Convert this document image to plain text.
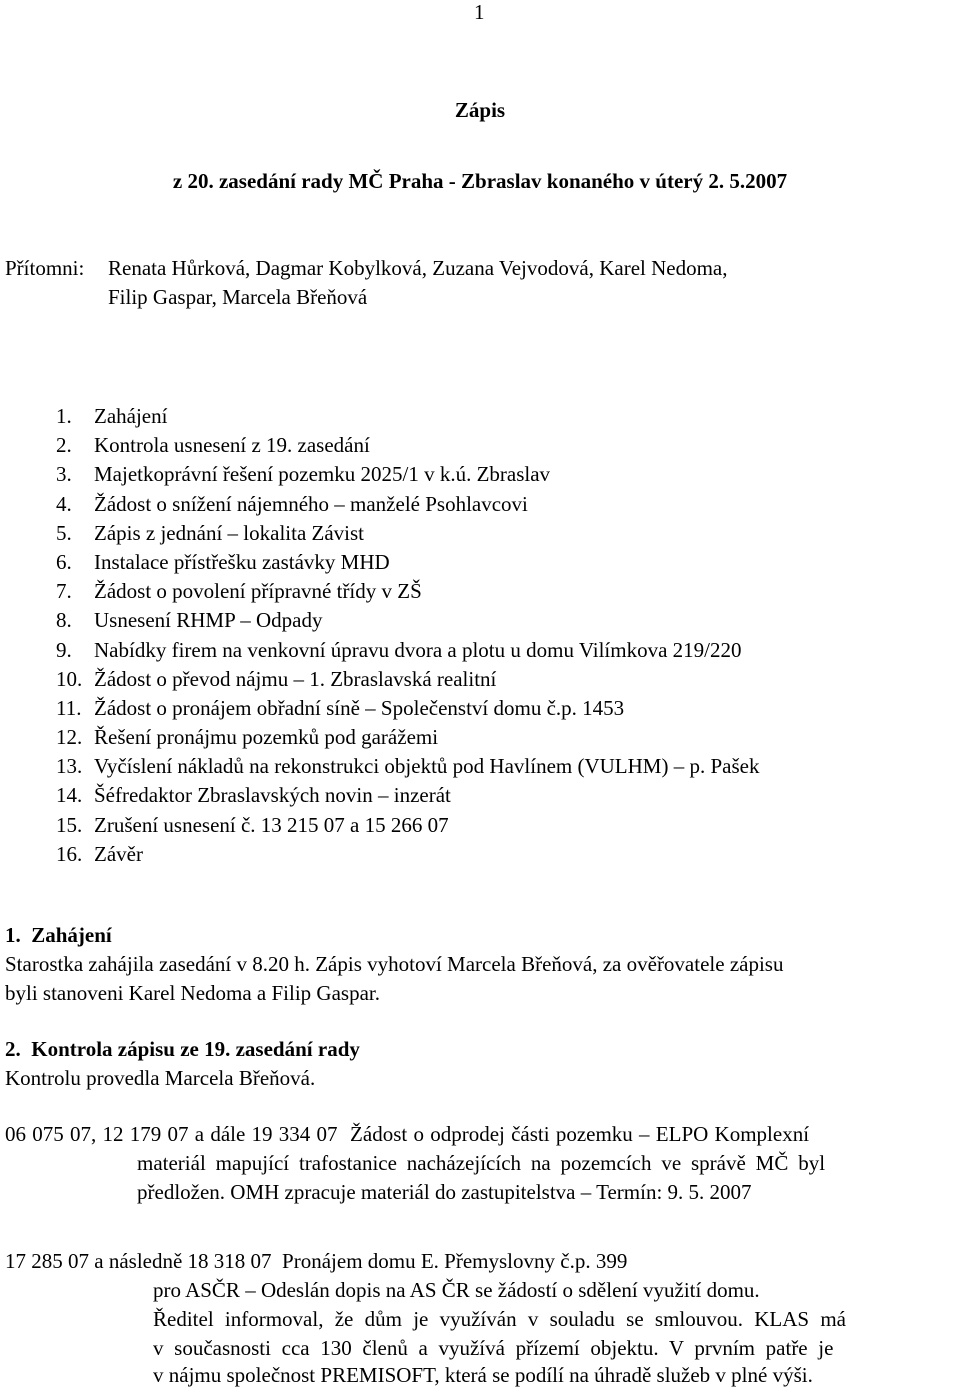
1
Zápis
z 20. zasedání rady MČ Praha - Zbraslav konaného v úterý 2. 5.2007
Přítomni: Renata Hůrková, Dagmar Kobylková, Zuzana Vejvodová, Karel Nedoma,
Filip Gaspar, Marcela Břeňová
1.	Zahájení
2.	Kontrola usnesení z 19. zasedání
3.	Majetkoprávní řešení pozemku 2025/1 v k.ú. Zbraslav
4.	Žádost o snížení nájemného – manželé Psohlavcovi
5.	Zápis z jednání – lokalita Závist
6.	Instalace přístřešku zastávky MHD
7.	Žádost o povolení přípravné třídy v ZŠ
8.	Usnesení RHMP – Odpady
9.	Nabídky firem na venkovní úpravu dvora a plotu u domu Vilímkova 219/220
10. Žádost o převod nájmu – 1. Zbraslavská realitní
11. Žádost o pronájem obřadní síně – Společenství domu č.p. 1453
12. Řešení pronájmu pozemků pod garážemi
13. Vyčíslení nákladů na rekonstrukci objektů pod Havlínem (VULHM) – p. Pašek
14. Šéfredaktor Zbraslavských novin – inzerát
15. Zrušení usnesení č. 13 215 07 a 15 266 07
16. Závěr
1.  Zahájení
Starostka zahájila zasedání v 8.20 h. Zápis vyhotoví Marcela Břeňová, za ověřovatele zápisu
byli stanoveni Karel Nedoma a Filip Gaspar.
2.  Kontrola zápisu ze 19. zasedání rady
Kontrolu provedla Marcela Břeňová.
06 075 07, 12 179 07 a dále 19 334 07  Žádost o odprodej části pozemku – ELPO Komplexní
materiál mapující trafostanice nacházejících na pozemcích ve správě MČ byl
předložen. OMH zpracuje materiál do zastupitelstva – Termín: 9. 5. 2007
17 285 07 a následně 18 318 07  Pronájem domu E. Přemyslovny č.p. 399
pro ASČR – Odeslán dopis na AS ČR se žádostí o sdělení využití domu.
Ředitel informoval, že dům je využíván v souladu se smlouvou. KLAS má
v současnosti cca 130 členů a využívá přízemí objektu. V prvním patře je
v nájmu společnost PREMISOFT, která se podílí na úhradě služeb v plné výši.
